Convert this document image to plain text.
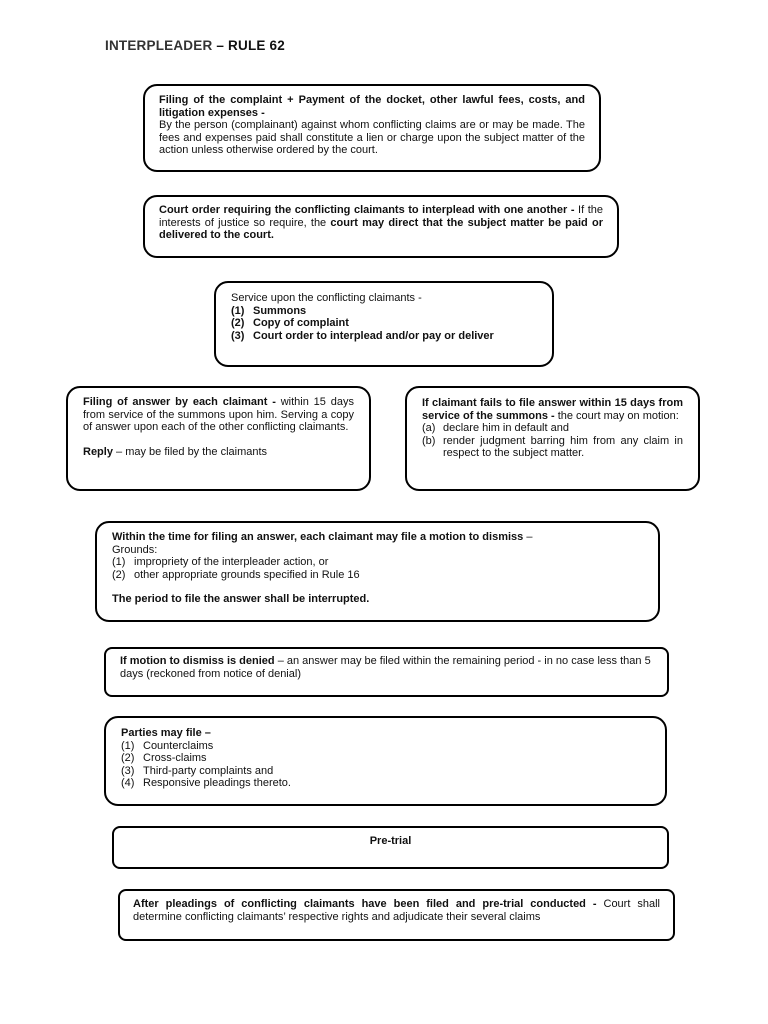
INTERPLEADER – RULE 62
Filing of the complaint + Payment of the docket, other lawful fees, costs, and litigation expenses -
By the person (complainant) against whom conflicting claims are or may be made. The fees and expenses paid shall constitute a lien or charge upon the subject matter of the action unless otherwise ordered by the court.
Court order requiring the conflicting claimants to interplead with one another - If the interests of justice so require, the court may direct that the subject matter be paid or delivered to the court.
Service upon the conflicting claimants -
(1) Summons
(2) Copy of complaint
(3) Court order to interplead and/or pay or deliver
Filing of answer by each claimant - within 15 days from service of the summons upon him. Serving a copy of answer upon each of the other conflicting claimants.
Reply – may be filed by the claimants
If claimant fails to file answer within 15 days from service of the summons - the court may on motion:
(a) declare him in default and
(b) render judgment barring him from any claim in respect to the subject matter.
Within the time for filing an answer, each claimant may file a motion to dismiss –
Grounds:
(1) impropriety of the interpleader action, or
(2) other appropriate grounds specified in Rule 16
The period to file the answer shall be interrupted.
If motion to dismiss is denied – an answer may be filed within the remaining period - in no case less than 5 days (reckoned from notice of denial)
Parties may file –
(1) Counterclaims
(2) Cross-claims
(3) Third-party complaints and
(4) Responsive pleadings thereto.
Pre-trial
After pleadings of conflicting claimants have been filed and pre-trial conducted - Court shall determine conflicting claimants’ respective rights and adjudicate their several claims
